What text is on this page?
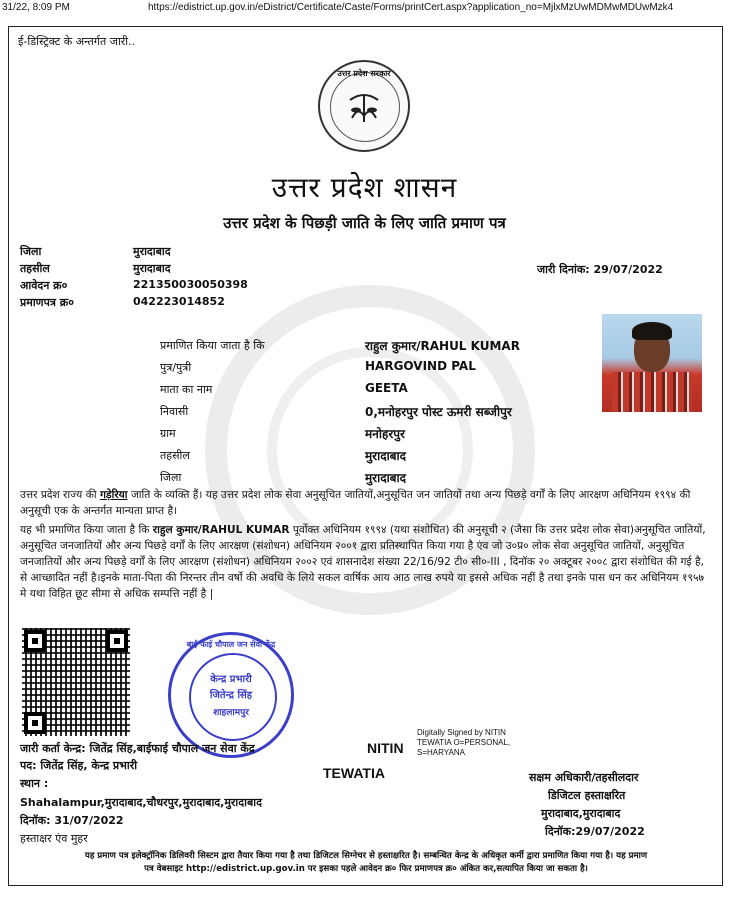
31/22, 8:09 PM	https://edistrict.up.gov.in/eDistrict/Certificate/Caste/Forms/printCert.aspx?application_no=MjlxMzUwMDMwMDUwMzk4
ई-डिस्ट्रिक्ट के अन्तर्गत जारी..
उत्तर प्रदेश सरकार
उत्तर प्रदेश शासन
उत्तर प्रदेश के पिछड़ी जाति के लिए जाति प्रमाण पत्र
जिला	मुरादाबाद
तहसील	मुरादाबाद
आवेदन क्र०	221350030050398
प्रमाणपत्र क्र०	042223014852
जारी दिनांक: 29/07/2022
प्रमाणित किया जाता है कि	राहुल कुमार/RAHUL KUMAR
पुत्र/पुत्री	HARGOVIND PAL
माता का नाम	GEETA
निवासी	0,मनोहरपुर पोस्ट ऊमरी सब्जीपुर
ग्राम	मनोहरपुर
तहसील	मुरादाबाद
जिला	मुरादाबाद
उत्तर प्रदेश राज्य की गड़ेरिया जाति के व्यक्ति हैं। यह उत्तर प्रदेश लोक सेवा अनुसूचित जातियों,अनुसूचित जन जातियों तथा अन्य पिछड़े वर्गों के लिए आरक्षण अधिनियम १९९४ की अनुसूची एक के अन्तर्गत मान्यता प्राप्त है।
यह भी प्रमाणित किया जाता है कि राहुल कुमार/RAHUL KUMAR पूर्वोक्त अधिनियम १९९४ (यथा संशोधित) की अनुसूची २ (जैसा कि उत्तर प्रदेश लोक सेवा)अनुसूचित जातियों, अनुसूचित जनजातियों और अन्य पिछड़े वर्गों के लिए आरक्षण (संशोधन) अधिनियम २००१ द्वारा प्रतिस्थापित किया गया है एंव जो उ०प्र० लोक सेवा अनुसूचित जातियों, अनुसूचित जनजातियों और अन्य पिछड़े वर्गों के लिए आरक्षण (संशोधन) अधिनियम २००२ एवं शासनादेश संख्या 22/16/92 टी० सी०-III , दिनॉक २० अक्टूबर २००८ द्वारा संशोधित की गई है, से आच्छादित नहीं है।इनके माता-पिता की निरन्तर तीन वर्षो की अवधि के लिये सकल वार्षिक आय आठ लाख रुपये या इससे अधिक नहीं है तथा इनके पास धन कर अधिनियम १९५७ मे यथा विहित छूट सीमा से अधिक सम्पत्ति नहीं है |
बाईं फाई चौपाल जन सेवा केंद्र
केन्द्र प्रभारी
जितेन्द्र सिंह
शाहलामपुर
NITIN
TEWATIA
Digitally Signed by NITIN TEWATIA O=PERSONAL, S=HARYANA
जारी कर्ता केन्द्र: जितेंद्र सिंह,बाईफाई चौपाल जन सेवा केंद्र
पद: जितेंद्र सिंह, केन्द्र प्रभारी
स्थान :
Shahalampur,मुरादाबाद,चौधरपुर,मुरादाबाद,मुरादाबाद
दिनॉक: 31/07/2022
हस्ताक्षर एंव मुहर
सक्षम अधिकारी/तहसीलदार
डिजिटल हस्ताक्षरित
मुरादाबाद,मुरादाबाद
दिनॉक:29/07/2022
यह प्रमाण पत्र इलेक्ट्रॉनिक डिलिवरी सिस्टम द्वारा तैयार किया गया है तथा डिजिटल सिग्नेचर से हस्ताक्षरित है। सम्बन्धित केन्द्र के अधिकृत कर्मी द्वारा प्रमाणित किया गया है। यह प्रमाण
पत्र वेबसाइट http://edistrict.up.gov.in पर इसका पहले आवेदन क्र० फिर प्रमाणपत्र क्र० अंकित कर,सत्यापित किया जा सकता है।
